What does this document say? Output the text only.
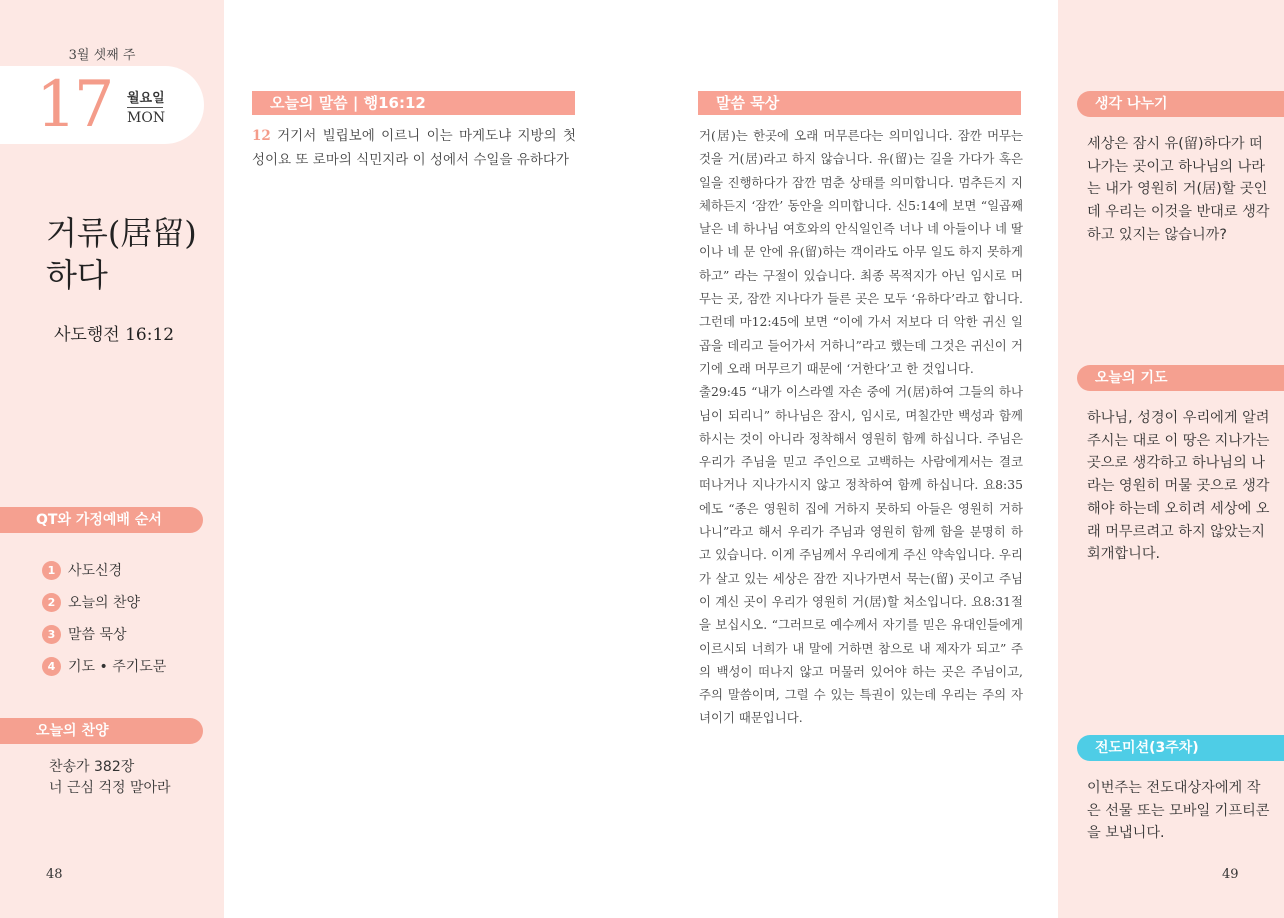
3월 셋째 주
17 월요일
MON
거류(居留)
하다
사도행전 16:12
QT와 가정예배 순서
1 사도신경
2 오늘의 찬양
3 말씀 묵상
4 기도 • 주기도문
오늘의 찬양
찬송가 382장
너 근심 걱정 말아라
48
오늘의 말씀 | 행16:12

12 거기서 빌립보에 이르니 이는 마게도냐 지방의 첫 성이요 또 로마의 식민지라 이 성에서 수일을 유하다가

말씀 묵상

거(居)는 한곳에 오래 머무른다는 의미입니다. 잠깐 머무는 것을 거(居)라고 하지 않습니다. 유(留)는 길을 가다가 혹은 일을 진행하다가 잠깐 멈춘 상태를 의미합니다. 멈추든지 지체하든지 ‘잠깐’ 동안을 의미합니다. 신5:14에 보면 “일곱째 날은 네 하나님 여호와의 안식일인즉 너나 네 아들이나 네 딸이나 네 문 안에 유(留)하는 객이라도 아무 일도 하지 못하게 하고” 라는 구절이 있습니다. 최종 목적지가 아닌 임시로 머무는 곳, 잠깐 지나다가 들른 곳은 모두 ‘유하다’라고 합니다. 그런데 마12:45에 보면 “이에 가서 저보다 더 악한 귀신 일곱을 데리고 들어가서 거하니”라고 했는데 그것은 귀신이 거기에 오래 머무르기 때문에 ‘거한다’고 한 것입니다.

출29:45 “내가 이스라엘 자손 중에 거(居)하여 그들의 하나님이 되리니” 하나님은 잠시, 임시로, 며칠간만 백성과 함께하시는 것이 아니라 정착해서 영원히 함께 하십니다. 주님은 우리가 주님을 믿고 주인으로 고백하는 사람에게서는 결코 떠나거나 지나가시지 않고 정착하여 함께 하십니다. 요8:35에도 “종은 영원히 집에 거하지 못하되 아들은 영원히 거하나니”라고 해서 우리가 주님과 영원히 함께 함을 분명히 하고 있습니다. 이게 주님께서 우리에게 주신 약속입니다. 우리가 살고 있는 세상은 잠깐 지나가면서 묵는(留) 곳이고 주님이 계신 곳이 우리가 영원히 거(居)할 처소입니다. 요8:31절을 보십시오. “그러므로 예수께서 자기를 믿은 유대인들에게 이르시되 너희가 내 말에 거하면 참으로 내 제자가 되고” 주의 백성이 떠나지 않고 머물러 있어야 하는 곳은 주님이고, 주의 말씀이며, 그럴 수 있는 특권이 있는데 우리는 주의 자녀이기 때문입니다.

생각 나누기
세상은 잠시 유(留)하다가 떠나가는 곳이고 하나님의 나라는 내가 영원히 거(居)할 곳인데 우리는 이것을 반대로 생각하고 있지는 않습니까?
오늘의 기도
하나님, 성경이 우리에게 알려주시는 대로 이 땅은 지나가는 곳으로 생각하고 하나님의 나라는 영원히 머물 곳으로 생각해야 하는데 오히려 세상에 오래 머무르려고 하지 않았는지 회개합니다.
전도미션(3주차)
이번주는 전도대상자에게 작은 선물 또는 모바일 기프티콘을 보냅니다.
49
